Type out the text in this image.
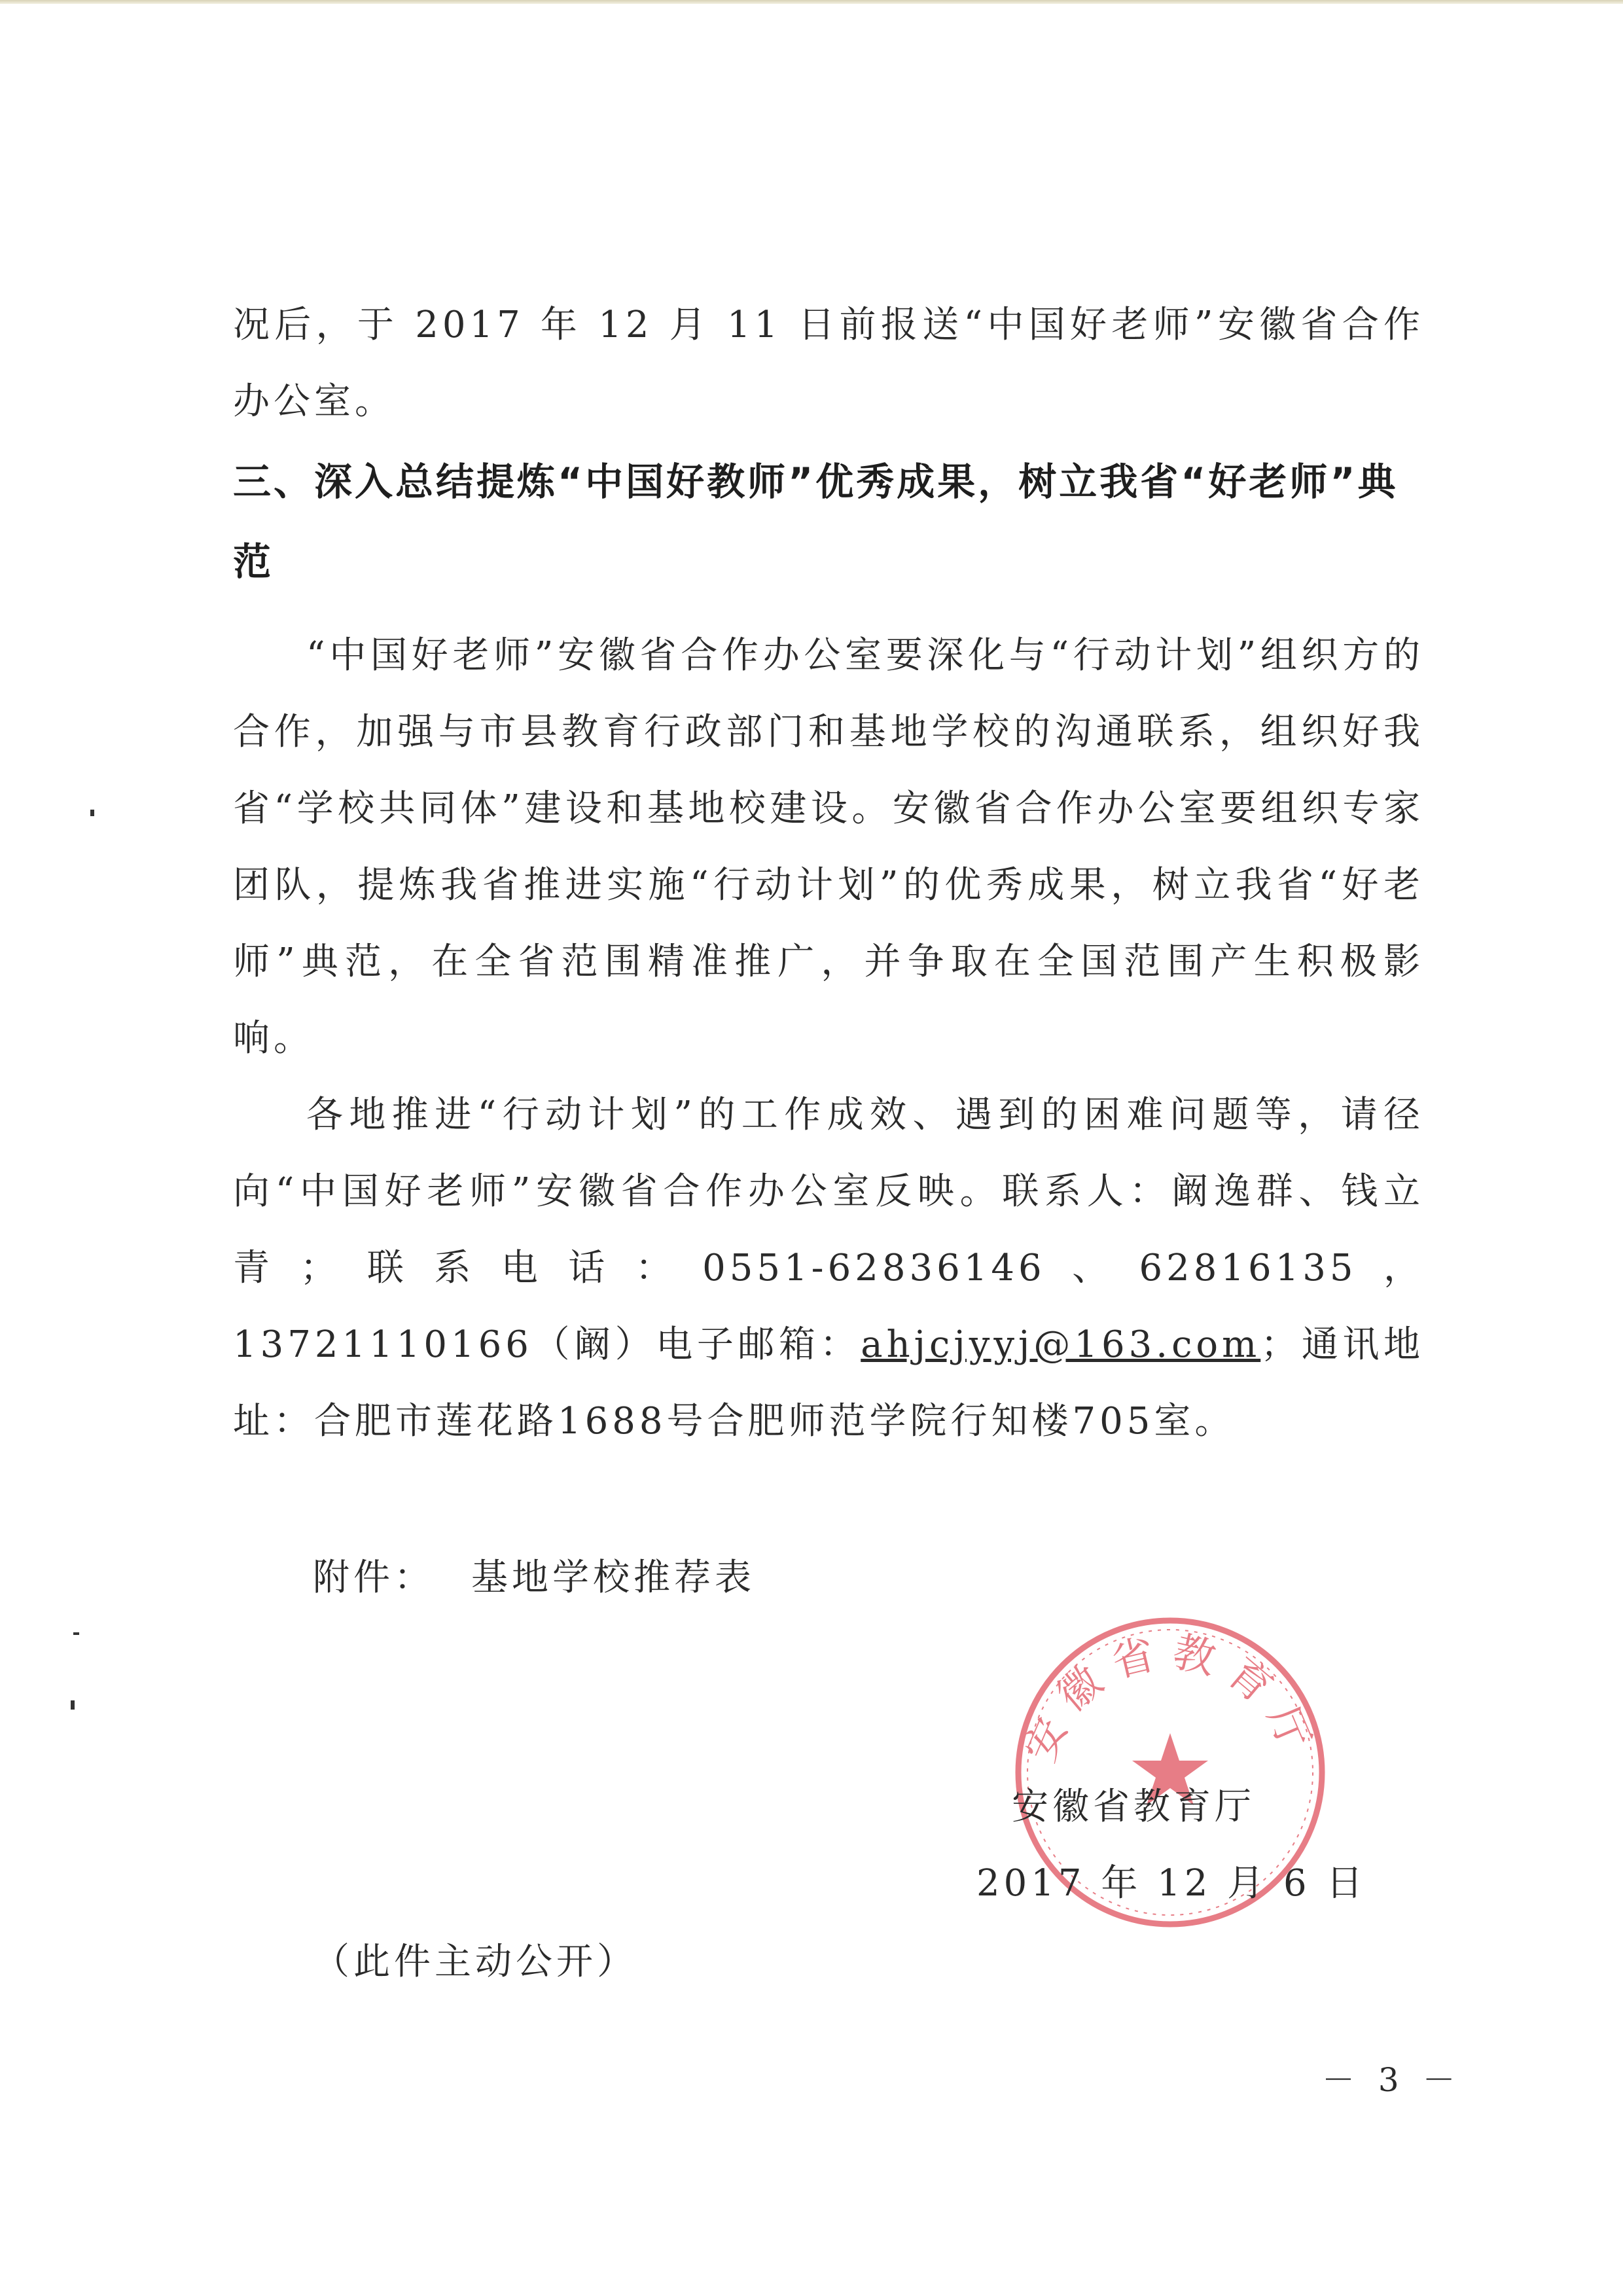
况后，于 2017 年 12 月 11 日前报送“中国好老师”安徽省合作办公室。

三、深入总结提炼“中国好教师”优秀成果，树立我省“好老师”典范

“中国好老师”安徽省合作办公室要深化与“行动计划”组织方的合作，加强与市县教育行政部门和基地学校的沟通联系，组织好我省“学校共同体”建设和基地校建设。安徽省合作办公室要组织专家团队，提炼我省推进实施“行动计划”的优秀成果，树立我省“好老师”典范，在全省范围精准推广，并争取在全国范围产生积极影响。

各地推进“行动计划”的工作成效、遇到的困难问题等，请径向“中国好老师”安徽省合作办公室反映。联系人：阚逸群、钱立青；联系电话：0551-62836146、62816135，13721110166（阚）电子邮箱：ahjcjyyj@163.com；通讯地址：合肥市莲花路1688号合肥师范学院行知楼705室。

附件： 基地学校推荐表
安徽省教育厅
安徽省教育厅
2017 年 12 月 6 日
（此件主动公开）
－ 3 －
